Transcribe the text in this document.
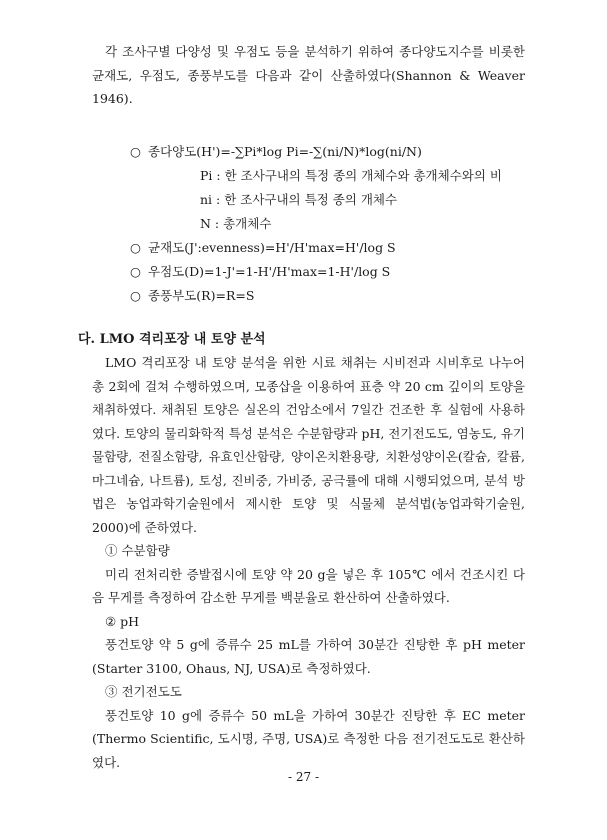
각 조사구별 다양성 및 우점도 등을 분석하기 위하여 종다양도지수를 비롯한 균재도, 우점도, 종풍부도를 다음과 같이 산출하였다(Shannon & Weaver 1946).
○ 종다양도(H')=-∑Pi*log Pi=-∑(ni/N)*log(ni/N)
Pi : 한 조사구내의 특정 종의 개체수와 총개체수와의 비
ni : 한 조사구내의 특정 종의 개체수
N : 총개체수
○ 균재도(J':evenness)=H'/H'max=H'/log S
○ 우점도(D)=1-J'=1-H'/H'max=1-H'/log S
○ 종풍부도(R)=R=S
다. LMO 격리포장 내 토양 분석
LMO 격리포장 내 토양 분석을 위한 시료 채취는 시비전과 시비후로 나누어 총 2회에 걸쳐 수행하였으며, 모종삽을 이용하여 표층 약 20 cm 깊이의 토양을 채취하였다. 채취된 토양은 실온의 건암소에서 7일간 건조한 후 실험에 사용하였다. 토양의 물리화학적 특성 분석은 수분함량과 pH, 전기전도도, 염농도, 유기물함량, 전질소함량, 유효인산함량, 양이온치환용량, 치환성양이온(칼슘, 칼륨, 마그네슘, 나트륨), 토성, 진비중, 가비중, 공극률에 대해 시행되었으며, 분석 방법은 농업과학기술원에서 제시한 토양 및 식물체 분석법(농업과학기술원, 2000)에 준하였다.
① 수분함량
미리 전처리한 증발접시에 토양 약 20 g을 넣은 후 105℃ 에서 건조시킨 다음 무게를 측정하여 감소한 무게를 백분율로 환산하여 산출하였다.
② pH
풍건토양 약 5 g에 증류수 25 mL를 가하여 30분간 진탕한 후 pH meter (Starter 3100, Ohaus, NJ, USA)로 측정하였다.
③ 전기전도도
풍건토양 10 g에 증류수 50 mL을 가하여 30분간 진탕한 후 EC meter (Thermo Scientific, 도시명, 주명, USA)로 측정한 다음 전기전도도로 환산하였다.
- 27 -
